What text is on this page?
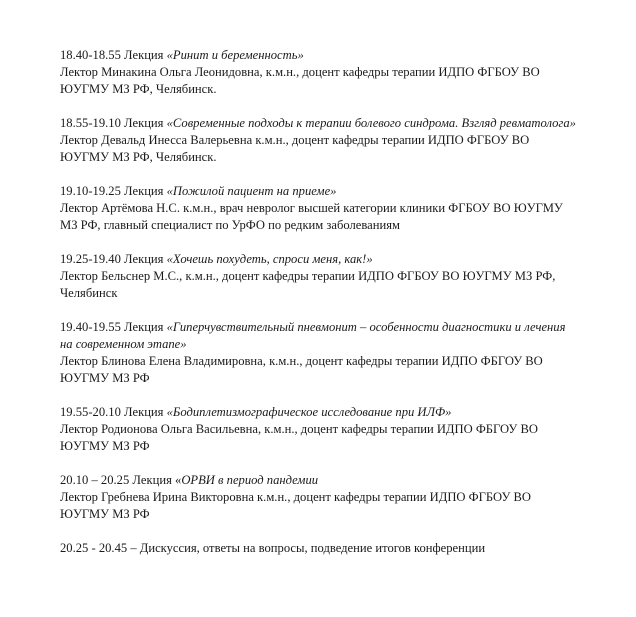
18.40-18.55 Лекция «Ринит и беременность»

Лектор Минакина Ольга Леонидовна, к.м.н., доцент кафедры терапии ИДПО ФГБОУ ВО

ЮУГМУ МЗ РФ, Челябинск.

18.55-19.10 Лекция «Современные подходы к терапии болевого синдрома. Взгляд ревматолога»

Лектор Девальд Инесса Валерьевна к.м.н., доцент кафедры терапии ИДПО ФГБОУ ВО

ЮУГМУ МЗ РФ, Челябинск.

19.10-19.25 Лекция «Пожилой пациент на приеме»

Лектор Артёмова Н.С. к.м.н., врач невролог высшей категории клиники ФГБОУ ВО ЮУГМУ

МЗ РФ, главный специалист по УрФО по редким заболеваниям

19.25-19.40 Лекция «Хочешь похудеть, спроси меня, как!»

Лектор Бельснер М.С., к.м.н., доцент кафедры терапии ИДПО ФГБОУ ВО ЮУГМУ МЗ РФ,

Челябинск

19.40-19.55 Лекция «Гиперчувствительный пневмонит – особенности диагностики и лечения

на современном этапе»

Лектор Блинова Елена Владимировна, к.м.н., доцент кафедры терапии ИДПО ФБГОУ ВО

ЮУГМУ МЗ РФ

19.55-20.10 Лекция «Бодиплетизмографическое исследование при ИЛФ»

Лектор Родионова Ольга Васильевна, к.м.н., доцент кафедры терапии ИДПО ФБГОУ ВО

ЮУГМУ МЗ РФ

20.10 – 20.25 Лекция «ОРВИ в период пандемии

Лектор Гребнева Ирина Викторовна к.м.н., доцент кафедры терапии ИДПО ФГБОУ ВО

ЮУГМУ МЗ РФ

20.25 - 20.45 – Дискуссия, ответы на вопросы, подведение итогов конференции
